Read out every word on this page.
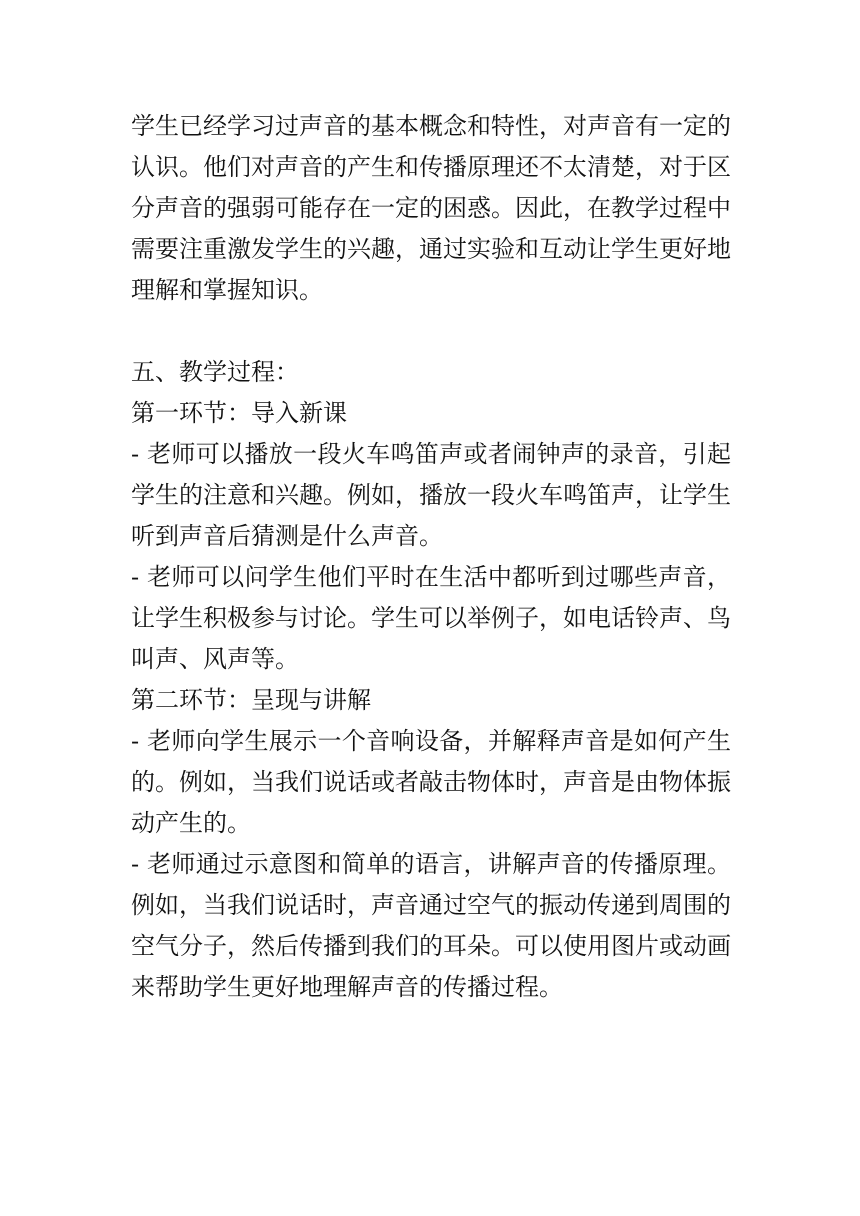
学生已经学习过声音的基本概念和特性，对声音有一定的认识。他们对声音的产生和传播原理还不太清楚，对于区分声音的强弱可能存在一定的困惑。因此，在教学过程中需要注重激发学生的兴趣，通过实验和互动让学生更好地理解和掌握知识。

五、教学过程：

第一环节：导入新课

- 老师可以播放一段火车鸣笛声或者闹钟声的录音，引起学生的注意和兴趣。例如，播放一段火车鸣笛声，让学生听到声音后猜测是什么声音。

- 老师可以问学生他们平时在生活中都听到过哪些声音，让学生积极参与讨论。学生可以举例子，如电话铃声、鸟叫声、风声等。

第二环节：呈现与讲解

- 老师向学生展示一个音响设备，并解释声音是如何产生的。例如，当我们说话或者敲击物体时，声音是由物体振动产生的。

- 老师通过示意图和简单的语言，讲解声音的传播原理。例如，当我们说话时，声音通过空气的振动传递到周围的空气分子，然后传播到我们的耳朵。可以使用图片或动画来帮助学生更好地理解声音的传播过程。
